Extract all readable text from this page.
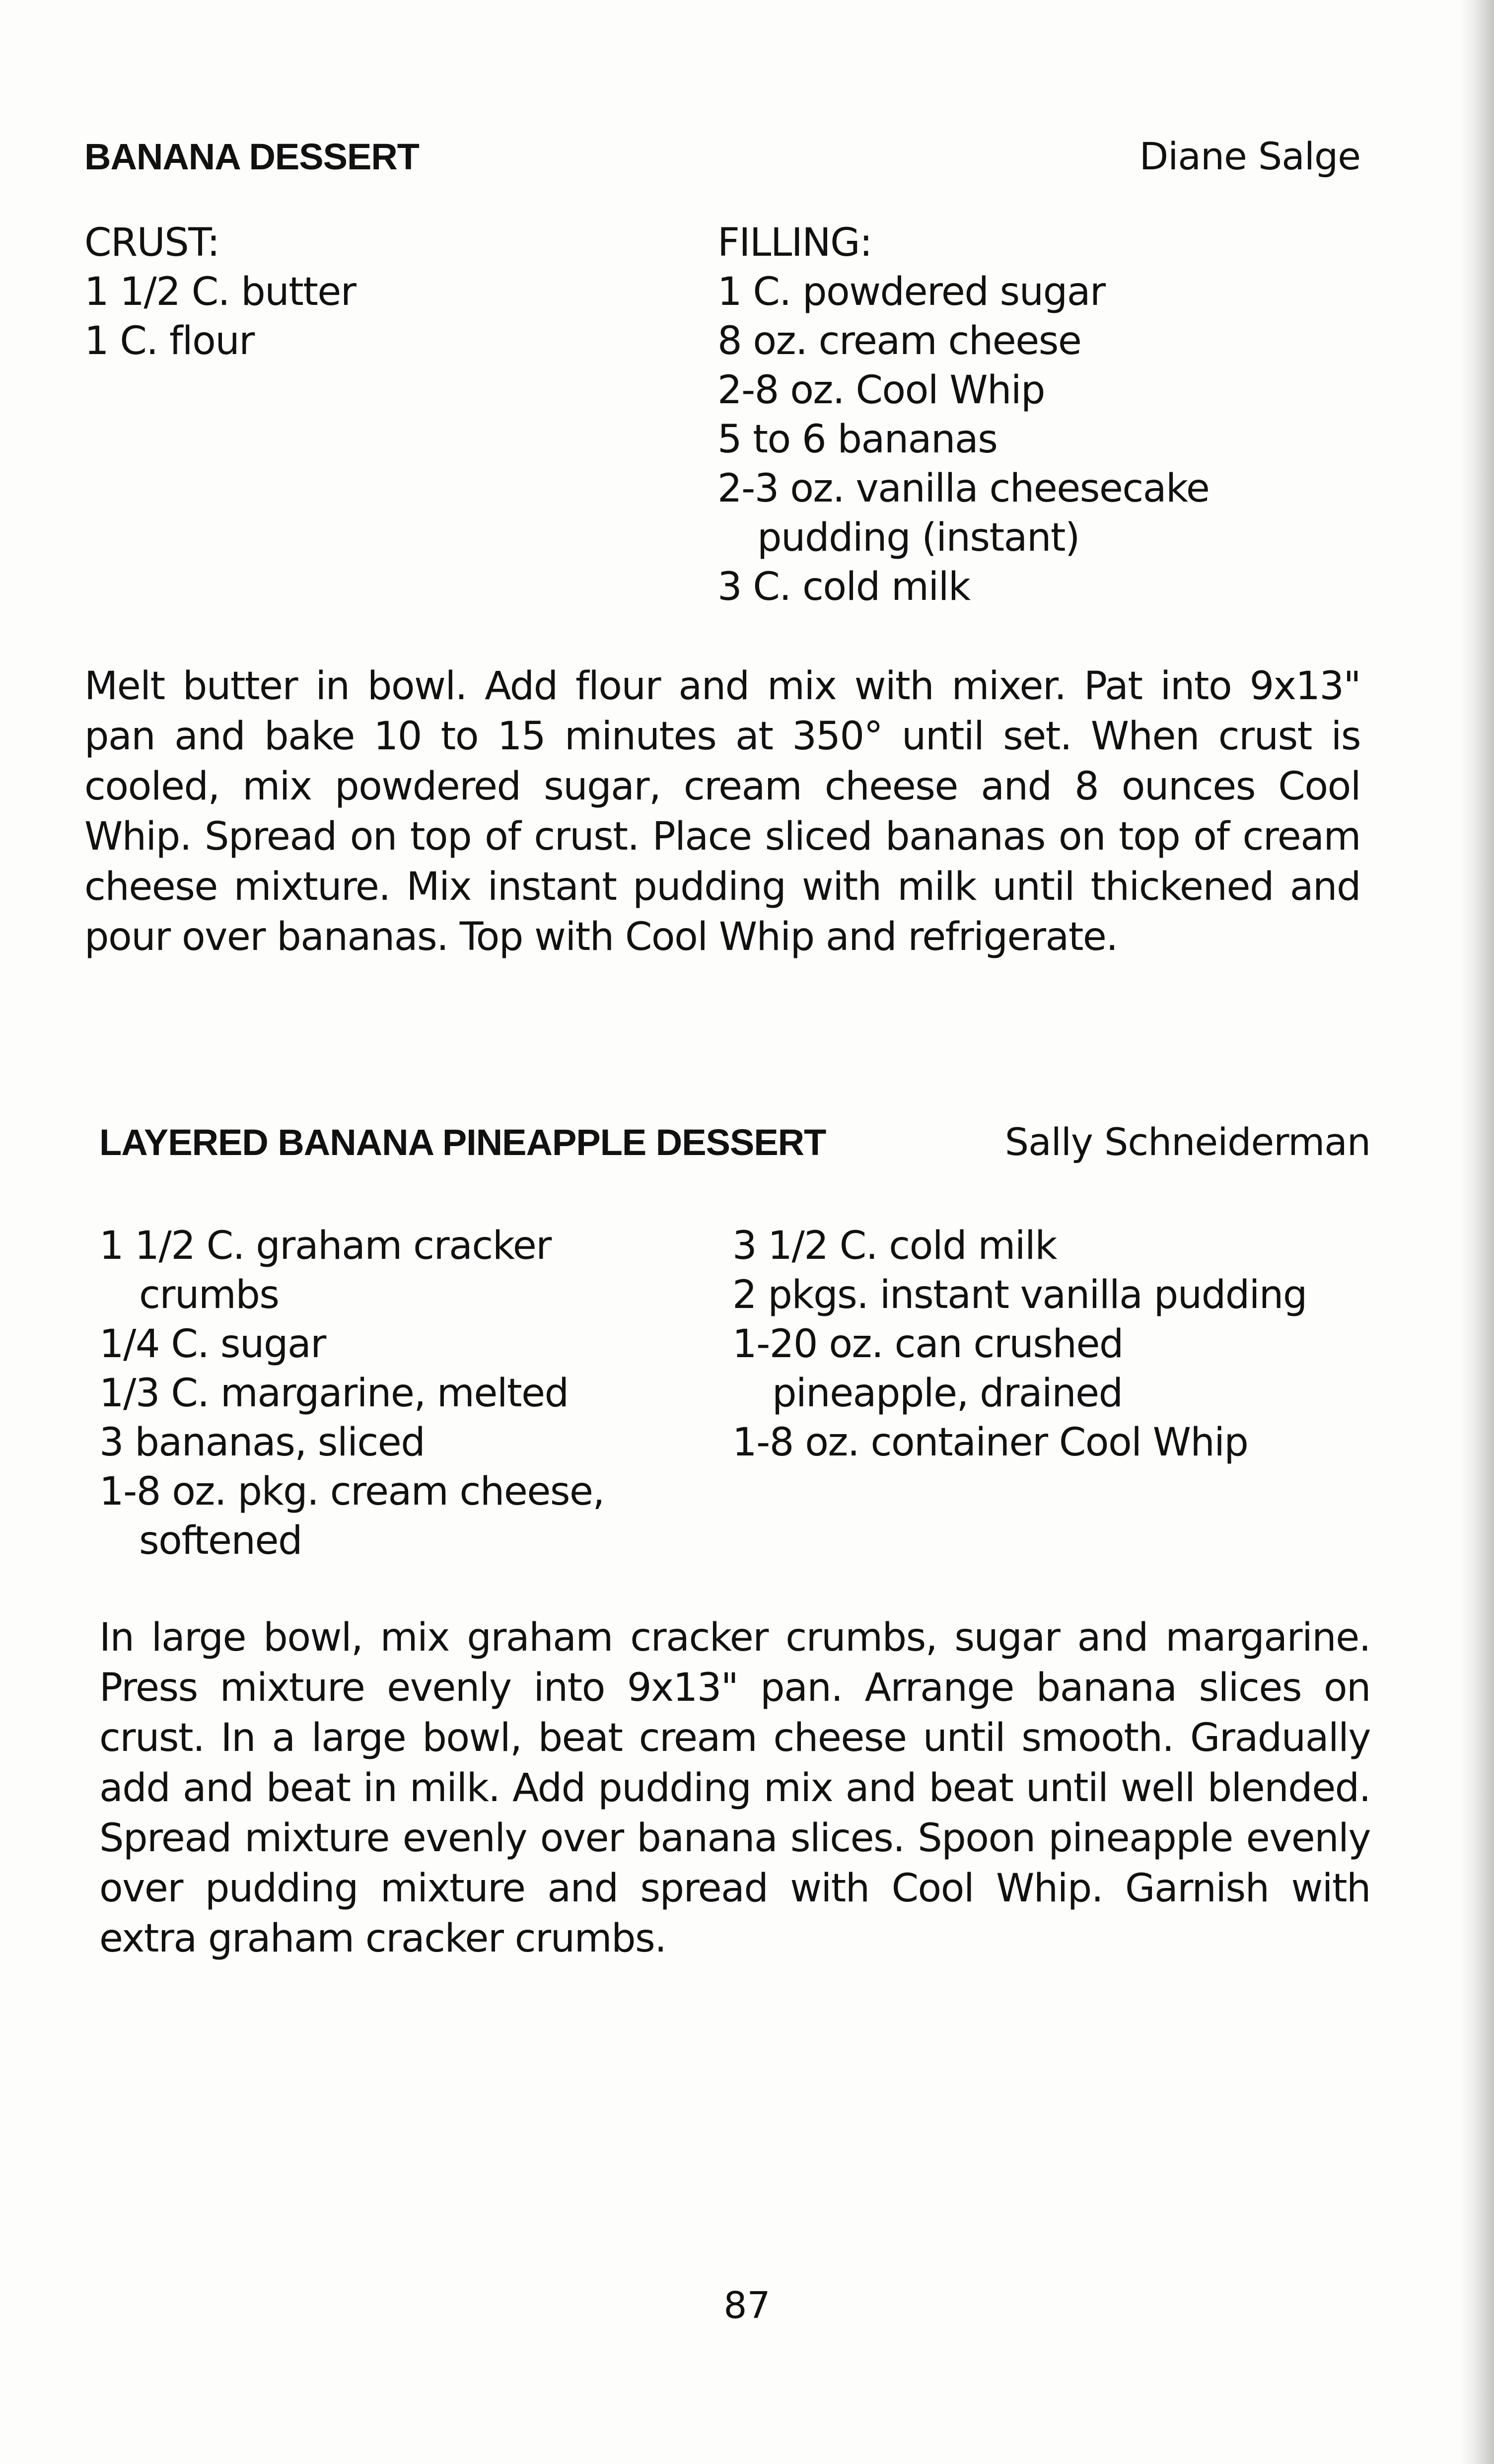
BANANA DESSERT	Diane Salge
CRUST:
1 1/2 C. butter
1 C. flour
FILLING:
1 C. powdered sugar
8 oz. cream cheese
2-8 oz. Cool Whip
5 to 6 bananas
2-3 oz. vanilla cheesecake
pudding (instant)
3 C. cold milk
Melt butter in bowl. Add flour and mix with mixer. Pat into 9x13" pan and bake 10 to 15 minutes at 350° until set. When crust is cooled, mix powdered sugar, cream cheese and 8 ounces Cool Whip. Spread on top of crust. Place sliced bananas on top of cream cheese mixture. Mix instant pudding with milk until thickened and pour over bananas. Top with Cool Whip and refrigerate.
LAYERED BANANA PINEAPPLE DESSERT	Sally Schneiderman
1 1/2 C. graham cracker
crumbs
1/4 C. sugar
1/3 C. margarine, melted
3 bananas, sliced
1-8 oz. pkg. cream cheese,
softened
3 1/2 C. cold milk
2 pkgs. instant vanilla pudding
1-20 oz. can crushed
pineapple, drained
1-8 oz. container Cool Whip
In large bowl, mix graham cracker crumbs, sugar and margarine. Press mixture evenly into 9x13" pan. Arrange banana slices on crust. In a large bowl, beat cream cheese until smooth. Gradually add and beat in milk. Add pudding mix and beat until well blended. Spread mixture evenly over banana slices. Spoon pineapple evenly over pudding mixture and spread with Cool Whip. Garnish with extra graham cracker crumbs.
87
